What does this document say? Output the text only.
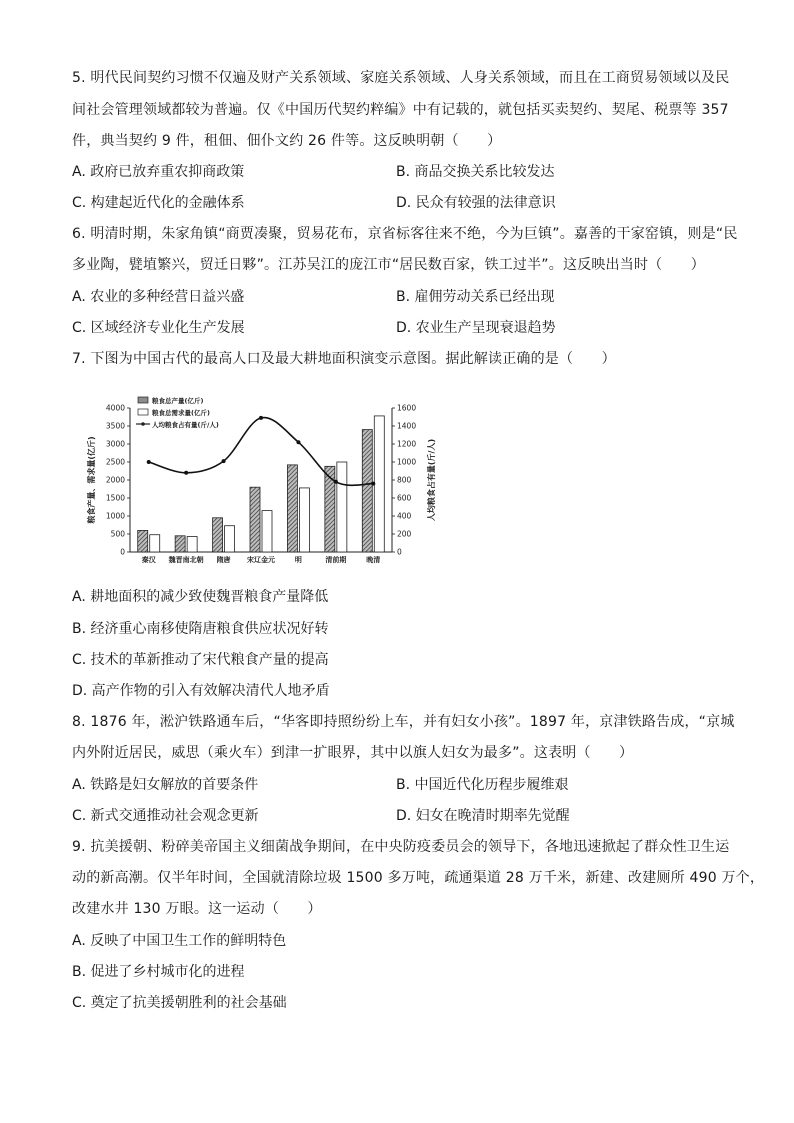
5. 明代民间契约习惯不仅遍及财产关系领域、家庭关系领域、人身关系领域，而且在工商贸易领域以及民
间社会管理领域都较为普遍。仅《中国历代契约粹编》中有记载的，就包括买卖契约、契尾、税票等 357
件，典当契约 9 件，租佃、佃仆文约 26 件等。这反映明朝（　　）
A. 政府已放弃重农抑商政策	B. 商品交换关系比较发达
C. 构建起近代化的金融体系	D. 民众有较强的法律意识
6. 明清时期，朱家角镇“商贾凑聚，贸易花布，京省标客往来不绝，今为巨镇”。嘉善的干家窑镇，则是“民
多业陶，甓埴繁兴，贸迁日夥”。江苏吴江的庞江市“居民数百家，铁工过半”。这反映出当时（　　）
A. 农业的多种经营日益兴盛	B. 雇佣劳动关系已经出现
C. 区域经济专业化生产发展	D. 农业生产呈现衰退趋势
7. 下图为中国古代的最高人口及最大耕地面积演变示意图。据此解读正确的是（　　）
粮食产量、需求量(亿斤)	人均粮食占有量(斤/人)
粮食总产量(亿斤)
粮食总需求量(亿斤)
人均粮食占有量(斤/人)
0
500
1000
1500
2000
2500
3000
3500
4000
0
200
400
600
800
1000
1200
1400
1600
秦汉 魏晋南北朝 隋唐 宋辽金元	明	清前期	晚清
A. 耕地面积的减少致使魏晋粮食产量降低
B. 经济重心南移使隋唐粮食供应状况好转
C. 技术的革新推动了宋代粮食产量的提高
D. 高产作物的引入有效解决清代人地矛盾
8. 1876 年，淞沪铁路通车后，“华客即持照纷纷上车，并有妇女小孩”。1897 年，京津铁路告成，“京城
内外附近居民，威思（乘火车）到津一扩眼界，其中以旗人妇女为最多”。这表明（　　）
A. 铁路是妇女解放的首要条件	B. 中国近代化历程步履维艰
C. 新式交通推动社会观念更新	D. 妇女在晚清时期率先觉醒
9. 抗美援朝、粉碎美帝国主义细菌战争期间，在中央防疫委员会的领导下，各地迅速掀起了群众性卫生运
动的新高潮。仅半年时间，全国就清除垃圾 1500 多万吨，疏通渠道 28 万千米，新建、改建厕所 490 万个，
改建水井 130 万眼。这一运动（　　）
A. 反映了中国卫生工作的鲜明特色
B. 促进了乡村城市化的进程
C. 奠定了抗美援朝胜利的社会基础
